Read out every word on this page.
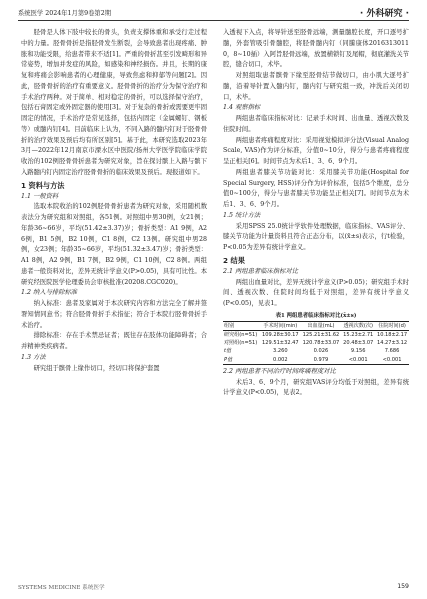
系统医学 2024年1月第9卷第2期	· 外科研究 ·

胫骨是人体下肢中较长的骨头，负责支撑体重和承受行走过程中的力量。胫骨骨折是指胫骨发生断裂，会导致患者出现疼痛、肿胀和功能受限，给患者带来不适[1]。严重的骨折甚至引发畸形和异常姿势，增加并发症的风险，如感染和神经损伤。并且，长期的康复和疼痛会影响患者的心理健康，导致焦虑和抑郁等问题[2]。因此，胫骨骨折的治疗有重要意义。胫骨骨折的治疗分为保守治疗和手术治疗两种。对于简单、相对稳定的骨折，可以选择保守治疗，包括石膏固定或外固定器的使用[3]。对于复杂的骨折或需要更牢固固定的情况，手术治疗是常见选择，包括内固定（金属螺钉、钢板等）或髓内钉[4]。目前临床上认为，不同入路的髓内钉对于胫骨骨折的治疗效果及预后均有所区别[5]。基于此，本研究选取2023年3月—2022年12月南京市溧水区中医院/扬州大学医学院临床学院收治的102例胫骨骨折患者为研究对象，旨在探讨髌上入路与髌下入路髓内钉内固定治疗胫骨骨折的临床效果及预后。现报道如下。

1 资料与方法
1.1 一般资料

选取本院收治的102例胫骨骨折患者为研究对象，采用随机数表法分为研究组和对照组，各51例。对照组中男30例，女21例；年龄36~66岁，平均(51.42±3.37)岁；骨折类型：A1 9例，A2 6例，B1 5例，B2 10例，C1 8例，C2 13例。研究组中男28例，女23例；年龄35~66岁，平均(51.32±3.47)岁；骨折类型：A1 8例，A2 9例，B1 7例，B2 9例，C1 10例，C2 8例。两组患者一般资料对比，差异无统计学意义(P>0.05)，具有可比性。本研究经医院医学伦理委员会审核批准(20208.CGC020)。

1.2 纳入与排除标准

纳入标准：患者及家属对于本次研究内容和方法完全了解并签署知情同意书；符合胫骨骨折手术指征；符合于本院行胫骨骨折手术治疗。

排除标准：存在手术禁忌证者；既往存在肢体功能障碍者；合并精神类疾病者。

1.3 方法

研究组于髌骨上缘作切口，经切口将保护套置

入透视下入点，将导针送至胫骨远端，测量髓腔长度，开口逐号扩髓，外套管吸引骨髓腔，将胫骨髓内钉（同縢康体2016313011 0，8~10插）入阿旨胫骨远端，放置横锁钉及尾帽，彻底灌洗关节腔，缝合切口，术毕。

对照组取患者髌骨下缘至胫骨结节做切口，由小肌大逐号扩髓，沿着导针置入髓内钉，髓内钉与研究组一致，冲洗后关闭切口，术毕。

1.4 观察指标

两组患者临床指标对比：记录手术时间、出血量、透视次数及住院时间。

两组患者疼痛程度对比：采用视觉模拟评分法(Visual Analog Scale, VAS)作为评分标准，分值0~10分，得分与患者疼痛程度呈正相关[6]。时间节点为术后1、3、6、9个月。

两组患者膝关节功能对比：采用膝关节功能(Hospital for Special Surgery, HSS)评分作为评价标准，包括5个维度，总分值0~100分，得分与患者膝关节功能呈正相关[7]。时间节点为术后1、3、6、9个月。

1.5 统计方法

采用SPSS 25.0统计学软件处理数据，临床指标、VAS评分、膝关节功能为计量资料且符合正态分布，以(x̄±s)表示，行t检验，P<0.05为差异有统计学意义。

2 结果
2.1 两组患者临床指标对比

两组出血量对比，差异无统计学意义(P>0.05)；研究组手术时间、透视次数、住院时间均低于对照组，差异有统计学意义(P<0.05)，见表1。

表1 两组患者临床指标对比(x̄±s)
组别	手术时间(min)	出血量(mL)	透视次数(次)	住院时间(d)
研究组(n=51)	109.28±30.17	125.21±31.62	15.23±2.71	10.18±2.17
对照组(n=51)	129.51±32.47	120.78±33.07	20.48±3.07	14.27±3.12
t值	3.260	0.026	9.156	7.686
P值	0.002	0.979	<0.001	<0.001
2.2 两组患者不同治疗时间疼痛程度对比

术后3、6、9个月，研究组VAS评分均低于对照组，差异有统计学意义(P<0.05)，见表2。

SYSTEMS MEDICINE 系统医学	159
